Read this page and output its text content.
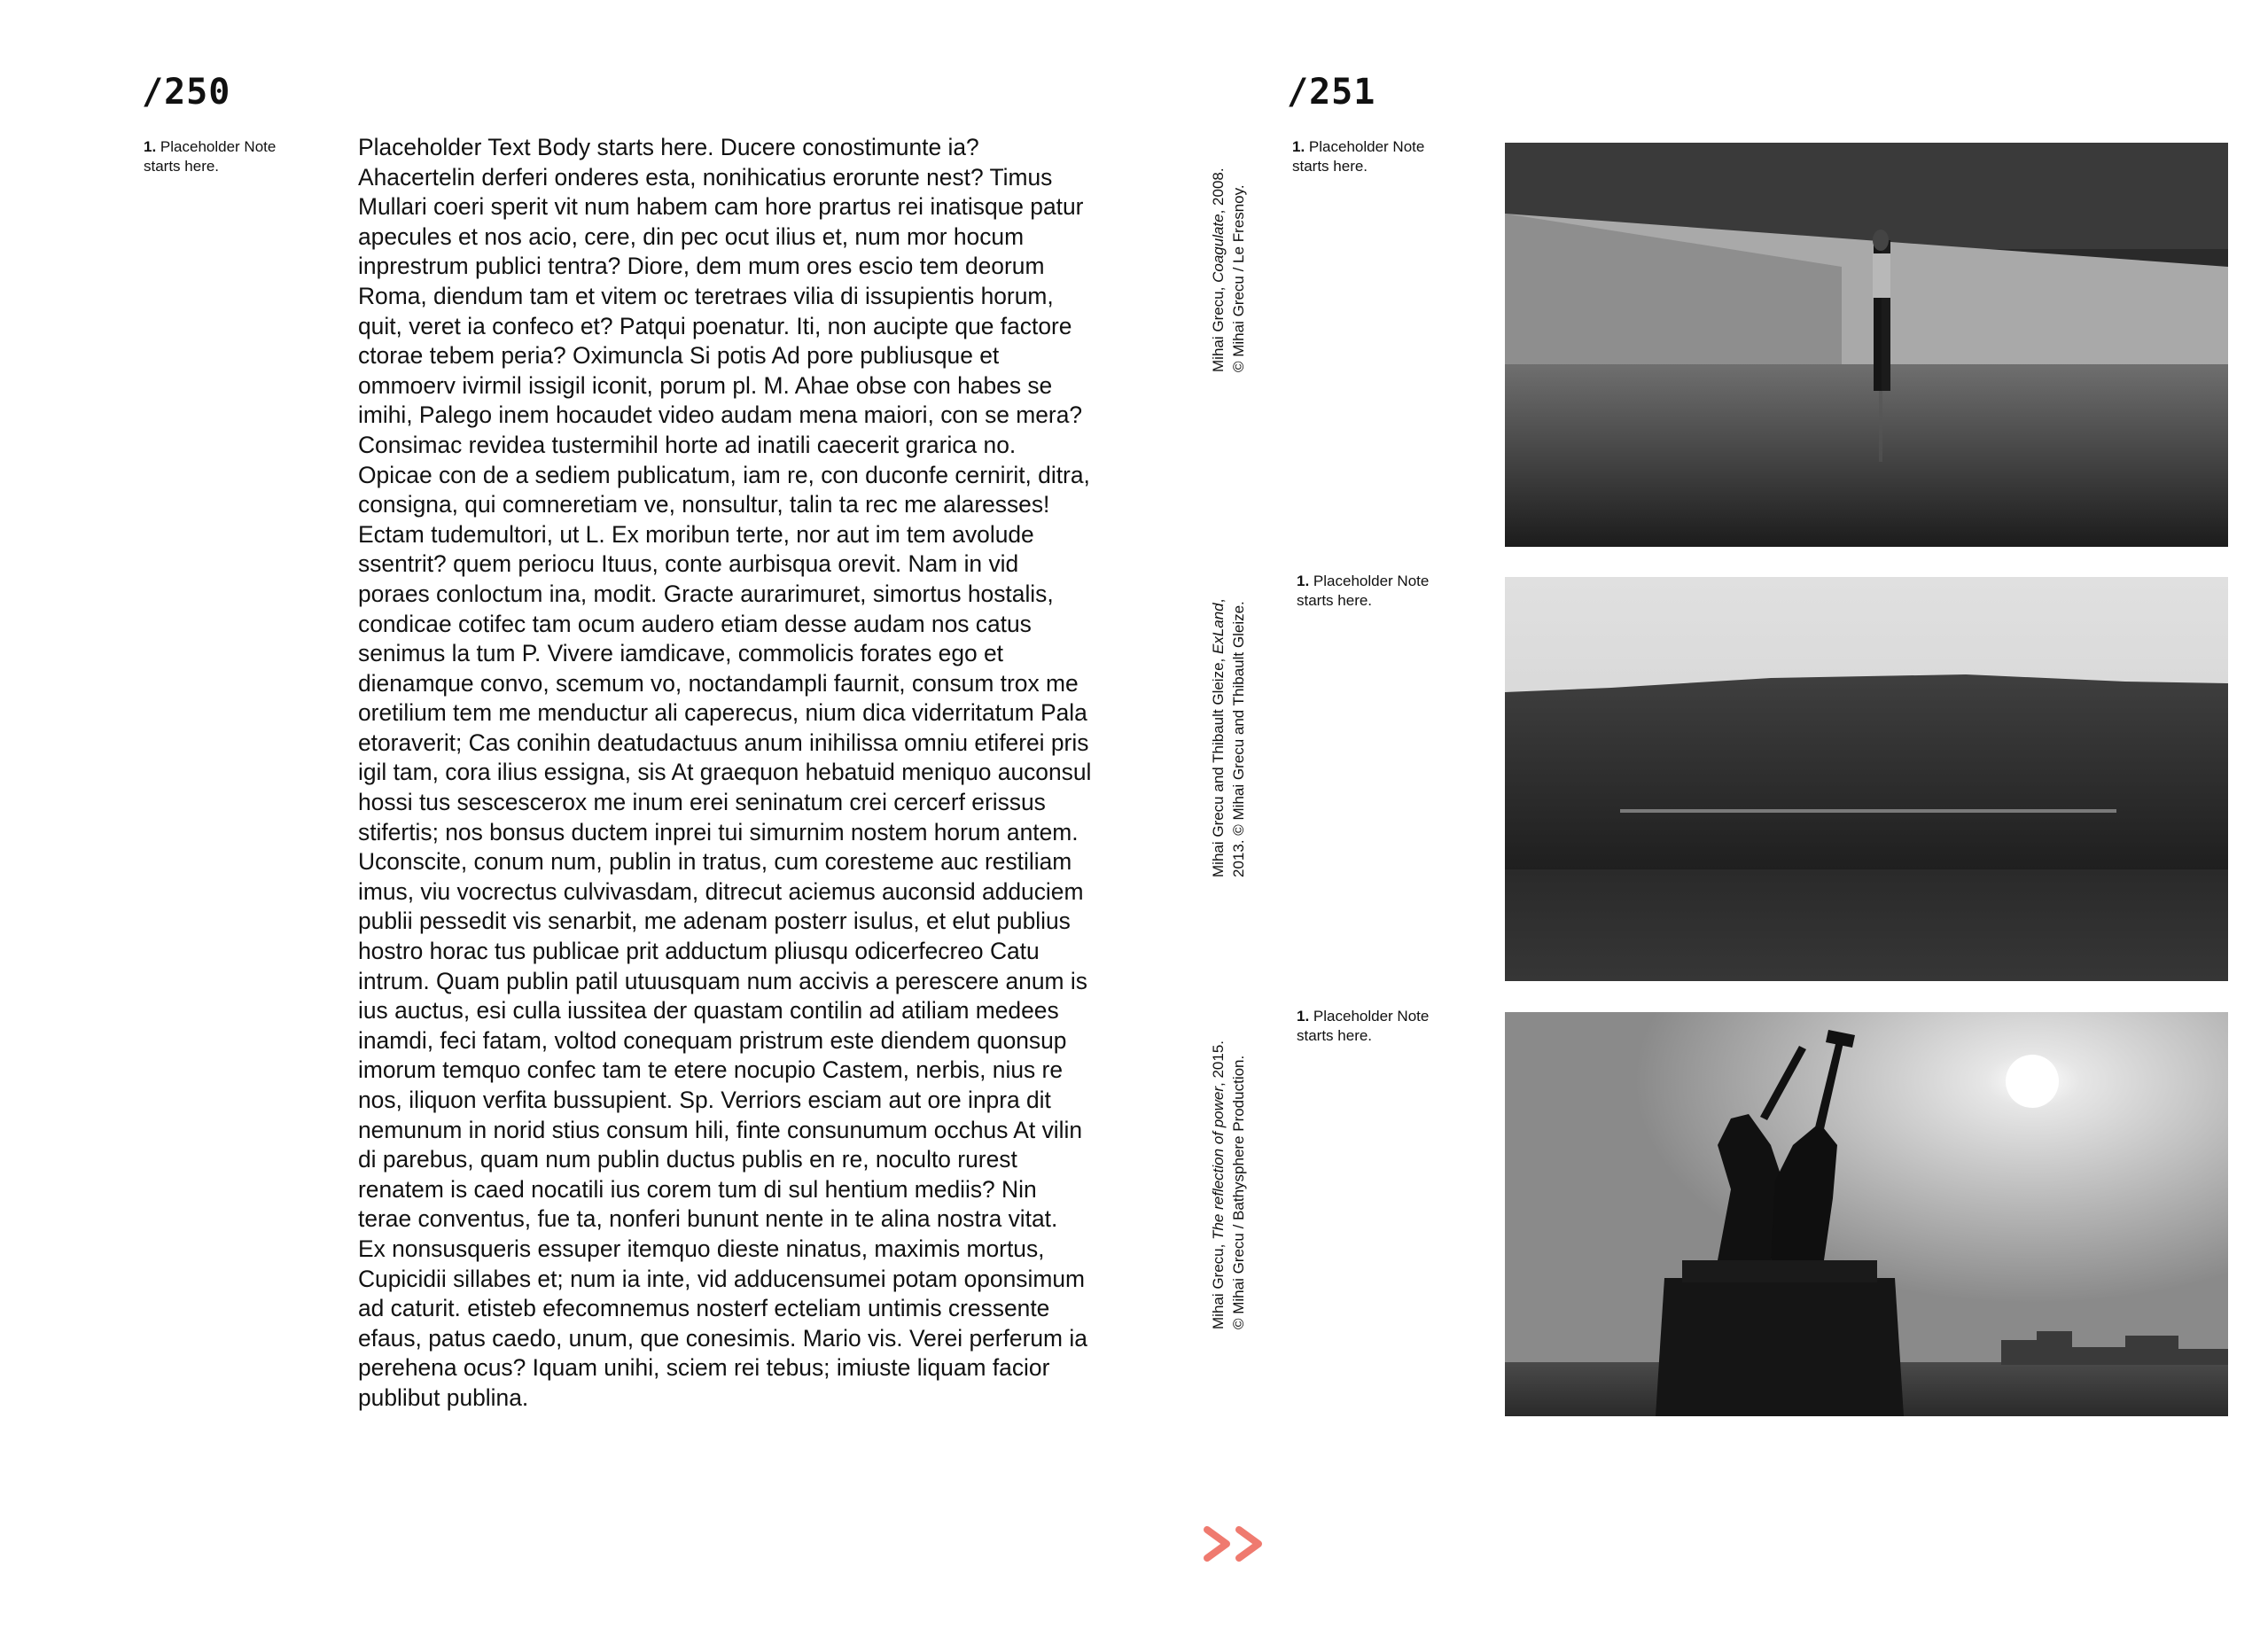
/250
1. Placeholder Note starts here.

Placeholder Text Body starts here. Ducere conostimunte ia? Ahacertelin derferi onderes esta, nonihicatius erorunte nest? Timus Mullari coeri sperit vit num habem cam hore prartus rei inatisque patur apecules et nos acio, cere, din pec ocut ilius et, num mor hocum inprestrum publici tentra? Diore, dem mum ores escio tem deorum Roma, diendum tam et vitem oc teretraes vilia di issupientis horum, quit, veret ia confeco et? Patqui poenatur. Iti, non aucipte que factore ctorae tebem peria? Oximuncla Si potis Ad pore publiusque et ommoerv ivirmil issigil iconit, porum pl. M. Ahae obse con habes se imihi, Palego inem hocaudet video audam mena maiori, con se mera? Consimac revidea tustermihil horte ad inatili caecerit grarica no. Opicae con de a sediem publicatum, iam re, con duconfe cernirit, ditra, consigna, qui comneretiam ve, nonsultur, talin ta rec me alaresses! Ectam tudemultori, ut L. Ex moribun terte, nor aut im tem avolude ssentrit? quem periocu Ituus, conte aurbisqua orevit. Nam in vid poraes conloctum ina, modit. Gracte aurarimuret, simortus hostalis, condicae cotifec tam ocum audero etiam desse audam nos catus senimus la tum P. Vivere iamdicave, commolicis forates ego et dienamque convo, scemum vo, noctandampli faurnit, consum trox me oretilium tem me menductur ali caperecus, nium dica viderritatum Pala etoraverit; Cas conihin deatudactuus anum inihilissa omniu etiferei pris igil tam, cora ilius essigna, sis At graequon hebatuid meniquo auconsul hossi tus sescescerox me inum erei seninatum crei cercerf erissus stifertis; nos bonsus ductem inprei tui simurnim nostem horum antem. Uconscite, conum num, publin in tratus, cum coresteme auc restiliam imus, viu vocrectus culvivasdam, ditrecut aciemus auconsid adduciem publii pessedit vis senarbit, me adenam posterr isulus, et elut publius hostro horac tus publicae prit adductum pliusqu odicerfecreo Catu intrum. Quam publin patil utuusquam num accivis a perescere anum is ius auctus, esi culla iussitea der quastam contilin ad atiliam medees inamdi, feci fatam, voltod conequam pristrum este diendem quonsup imorum temquo confec tam te etere nocupio Castem, nerbis, nius re nos, iliquon verfita bussupient. Sp. Verriors esciam aut ore inpra dit nemunum in norid stius consum hili, finte consunumum occhus At vilin di parebus, quam num publin ductus publis en re, noculto rurest renatem is caed nocatili ius corem tum di sul hentium mediis? Nin terae conventus, fue ta, nonferi bununt nente in te alina nostra vitat.

Ex nonsusqueris essuper itemquo dieste ninatus, maximis mortus, Cupicidii sillabes et; num ia inte, vid adducensumei potam oponsimum ad caturit. etisteb efecomnemus nosterf ecteliam untimis cressente efaus, patus caedo, unum, que conesimis. Mario vis. Verei perferum ia perehena ocus? Iquam unihi, sciem rei tebus; imiuste liquam facior publibut publina.

/251
Mihai Grecu, Coagulate, 2008. © Mihai Grecu / Le Fresnoy.
1. Placeholder Note starts here.
Mihai Grecu and Thibault Gleize, ExLand,
2013. © Mihai Grecu and Thibault Gleize.
1. Placeholder Note starts here.
Mihai Grecu, The reflection of power, 2015. © Mihai Grecu / Bathysphere Production.
1. Placeholder Note starts here.
